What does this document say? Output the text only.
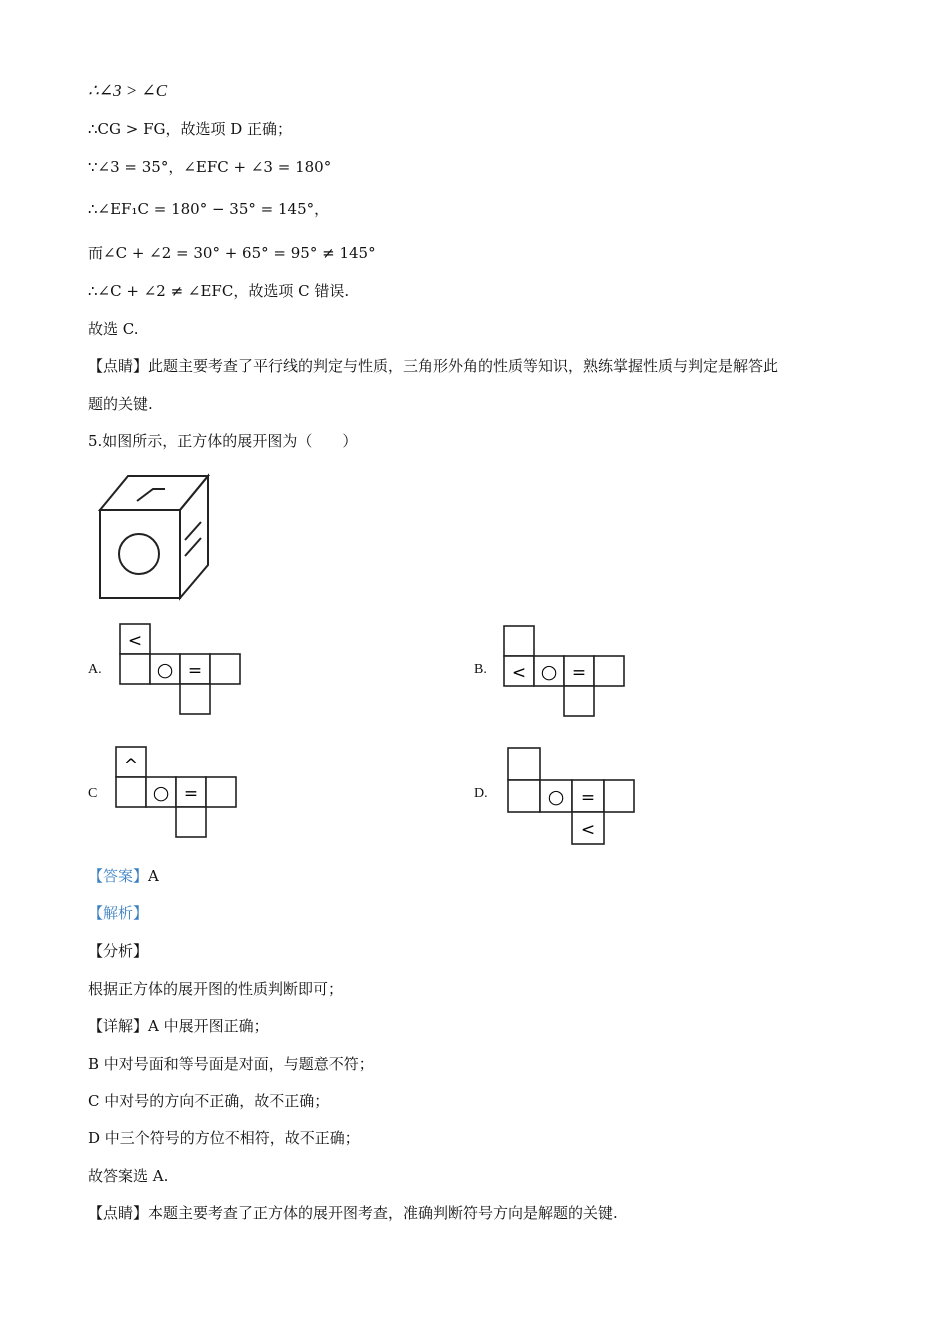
∴∠3 > ∠C
∴CG > FG，故选项 D 正确；
∵∠3 = 35°，∠EFC + ∠3 = 180°
∴∠EF₁C = 180° − 35° = 145°，
而∠C + ∠2 = 30° + 65° = 95° ≠ 145°
∴∠C + ∠2 ≠ ∠EFC，故选项 C 错误.
故选 C.
【点睛】此题主要考查了平行线的判定与性质，三角形外角的性质等知识，熟练掌握性质与判定是解答此
题的关键.
5.如图所示，正方体的展开图为（　　）
A.
<
○ =	B. < ○ =
C
^
○ =	D.	○ =
<
【答案】A
【解析】
【分析】
根据正方体的展开图的性质判断即可；
【详解】A 中展开图正确；
B 中对号面和等号面是对面，与题意不符；
C 中对号的方向不正确，故不正确；
D 中三个符号的方位不相符，故不正确；
故答案选 A.
【点睛】本题主要考查了正方体的展开图考查，准确判断符号方向是解题的关键.
